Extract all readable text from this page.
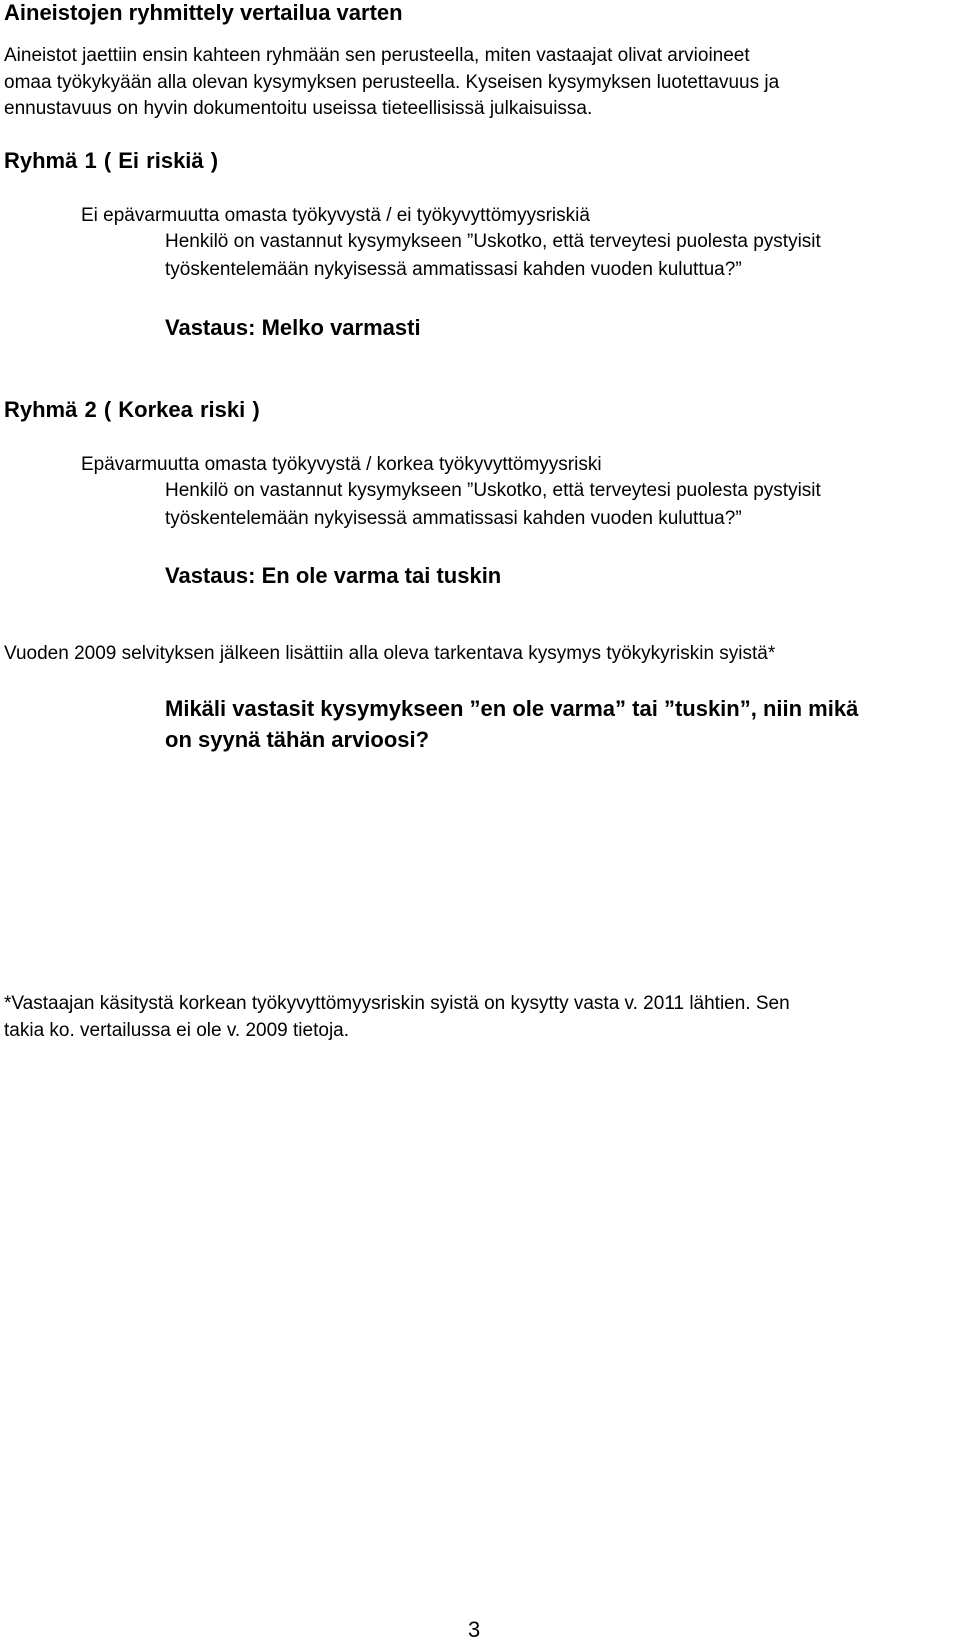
Aineistojen ryhmittely vertailua varten
Aineistot jaettiin ensin kahteen ryhmään sen perusteella, miten vastaajat olivat arvioineet
omaa työkykyään alla olevan kysymyksen perusteella. Kyseisen kysymyksen luotettavuus ja
ennustavuus on hyvin dokumentoitu useissa tieteellisissä julkaisuissa.
Ryhmä 1 ( Ei riskiä )
Ei epävarmuutta omasta työkyvystä / ei työkyvyttömyysriskiä
Henkilö on vastannut kysymykseen ”Uskotko, että terveytesi puolesta pystyisit
työskentelemään nykyisessä ammatissasi kahden vuoden kuluttua?”
Vastaus: Melko varmasti
Ryhmä 2 ( Korkea riski )
Epävarmuutta omasta työkyvystä / korkea työkyvyttömyysriski
Henkilö on vastannut kysymykseen ”Uskotko, että terveytesi puolesta pystyisit
työskentelemään nykyisessä ammatissasi kahden vuoden kuluttua?”
Vastaus: En ole varma tai tuskin
Vuoden 2009 selvityksen jälkeen lisättiin alla oleva tarkentava kysymys työkykyriskin syistä*
Mikäli vastasit kysymykseen ”en ole varma” tai ”tuskin”, niin mikä
on syynä tähän arvioosi?
*Vastaajan käsitystä korkean työkyvyttömyysriskin syistä on kysytty vasta v. 2011 lähtien. Sen
takia ko. vertailussa ei ole v. 2009 tietoja.
3
